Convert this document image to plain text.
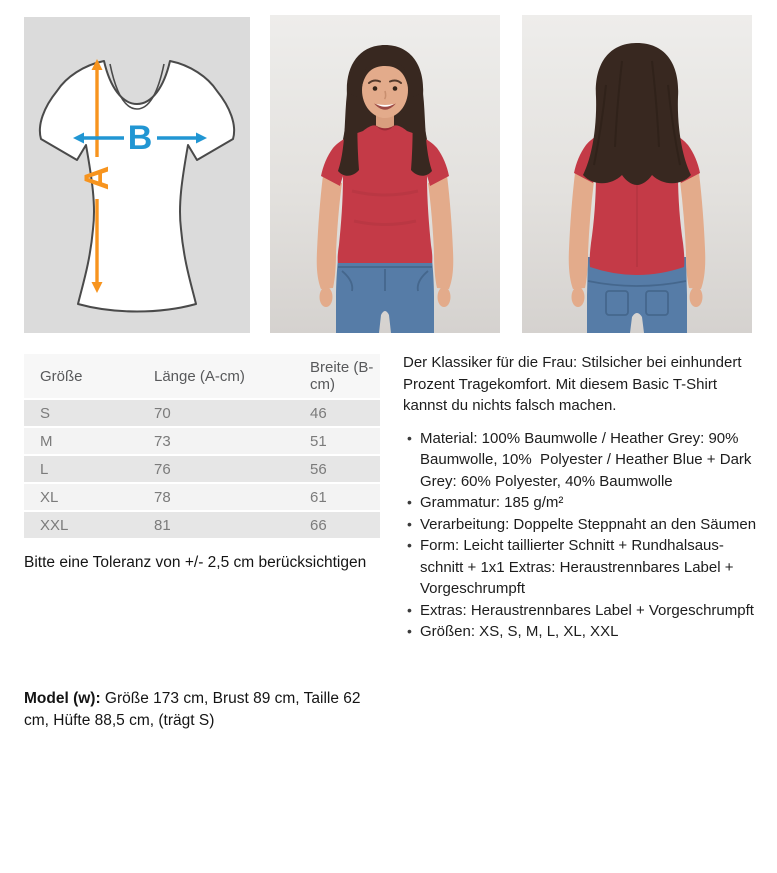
A
B
Größe	Länge (A-cm)	Breite (B-cm)
S	70	46
M	73	51
L	76	56
XL	78	61
XXL	81	66

Bitte eine Toleranz von +/- 2,5 cm berücksichtigen

Model (w): Größe 173 cm, Brust 89 cm, Taille 62 cm, Hüfte 88,5 cm, (trägt S)

Der Klassiker für die Frau: Stilsicher bei einhundert Prozent Tragekomfort. Mit diesem Basic T-Shirt kannst du nichts falsch machen.

• Material: 100% Baumwolle / Heather Grey: 90% Baumwolle, 10%  Polyester / Heather Blue + Dark Grey: 60% Polyester, 40% Baumwolle
• Grammatur: 185 g/m²
• Verarbeitung: Doppelte Steppnaht an den Säumen
• Form: Leicht taillierter Schnitt + Rundhalsausschnitt + 1x1 Extras: Heraustrennbares Label + Vorgeschrumpft
• Extras: Heraustrennbares Label + Vorgeschrumpft
• Größen: XS, S, M, L, XL, XXL
